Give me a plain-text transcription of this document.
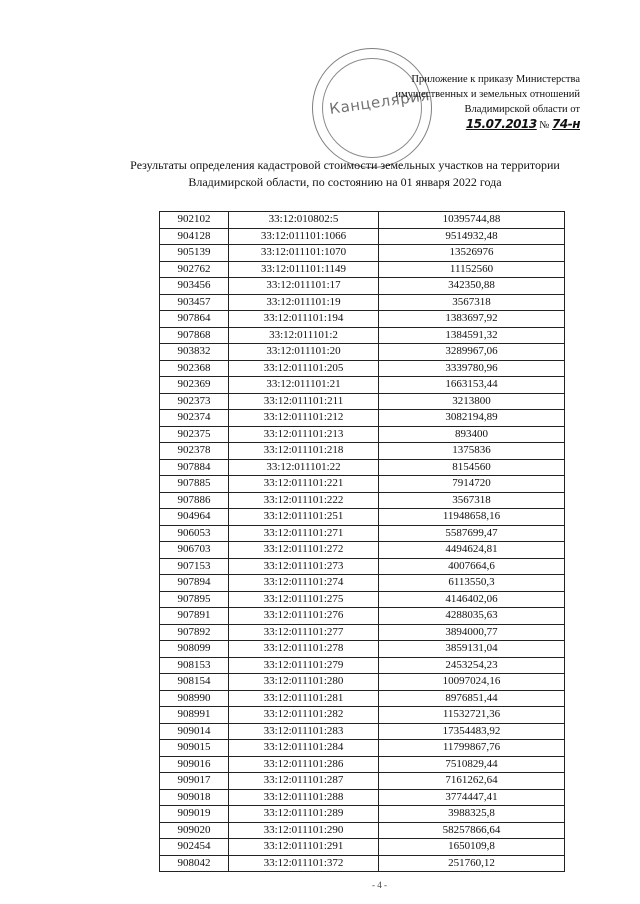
Канцелярия
Приложение к приказу Министерства
имущественных и земельных отношений
Владимирской области от
15.07.2013 № 74-н
Результаты определения кадастровой стоимости земельных участков на территории
Владимирской области, по состоянию на 01 января 2022 года
902102	33:12:010802:5	10395744,88
904128	33:12:011101:1066	9514932,48
905139	33:12:011101:1070	13526976
902762	33:12:011101:1149	11152560
903456	33:12:011101:17	342350,88
903457	33:12:011101:19	3567318
907864	33:12:011101:194	1383697,92
907868	33:12:011101:2	1384591,32
903832	33:12:011101:20	3289967,06
902368	33:12:011101:205	3339780,96
902369	33:12:011101:21	1663153,44
902373	33:12:011101:211	3213800
902374	33:12:011101:212	3082194,89
902375	33:12:011101:213	893400
902378	33:12:011101:218	1375836
907884	33:12:011101:22	8154560
907885	33:12:011101:221	7914720
907886	33:12:011101:222	3567318
904964	33:12:011101:251	11948658,16
906053	33:12:011101:271	5587699,47
906703	33:12:011101:272	4494624,81
907153	33:12:011101:273	4007664,6
907894	33:12:011101:274	6113550,3
907895	33:12:011101:275	4146402,06
907891	33:12:011101:276	4288035,63
907892	33:12:011101:277	3894000,77
908099	33:12:011101:278	3859131,04
908153	33:12:011101:279	2453254,23
908154	33:12:011101:280	10097024,16
908990	33:12:011101:281	8976851,44
908991	33:12:011101:282	11532721,36
909014	33:12:011101:283	17354483,92
909015	33:12:011101:284	11799867,76
909016	33:12:011101:286	7510829,44
909017	33:12:011101:287	7161262,64
909018	33:12:011101:288	3774447,41
909019	33:12:011101:289	3988325,8
909020	33:12:011101:290	58257866,64
902454	33:12:011101:291	1650109,8
908042	33:12:011101:372	251760,12
- 4 -
